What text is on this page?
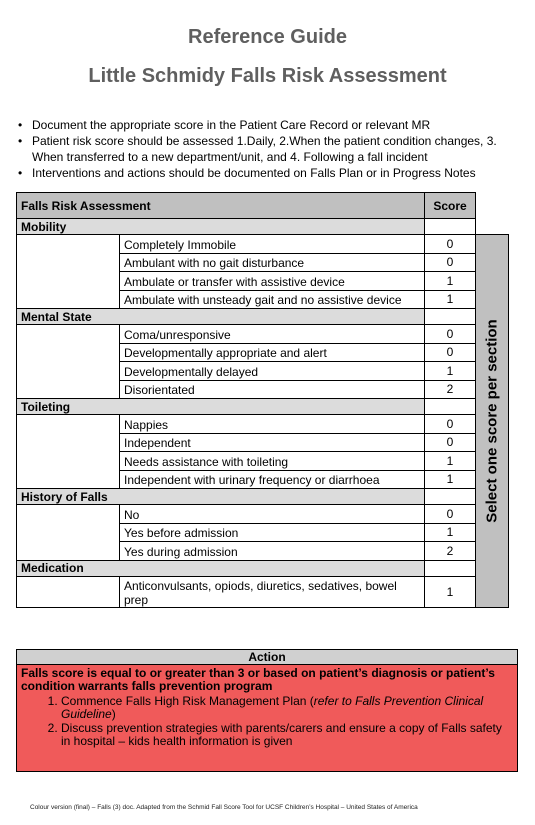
Reference Guide
Little Schmidy Falls Risk Assessment
• Document the appropriate score in the Patient Care Record or relevant MR
• Patient risk score should be assessed 1.Daily, 2.When the patient condition changes, 3. When transferred to a new department/unit, and 4. Following a fall incident
• Interventions and actions should be documented on Falls Plan or in Progress Notes
Falls Risk Assessment		Score	
Mobility			
	Completely Immobile	0	Select one score per section

	Ambulant with no gait disturbance	0	
	Ambulate or transfer with assistive device	1	
	Ambulate with unsteady gait and no assistive device	1	
Mental State			
	Coma/unresponsive	0	
	Developmentally appropriate and alert	0	
	Developmentally delayed	1	
	Disorientated	2	
Toileting			
	Nappies	0	
	Independent	0	
	Needs assistance with toileting	1	
	Independent with urinary frequency or diarrhoea	1	
History of Falls			
	No	0	
	Yes before admission	1	
	Yes during admission	2	
Medication			
	Anticonvulsants, opiods, diuretics, sedatives, bowel prep	1	
Action
Falls score is equal to or greater than 3 or based on patient’s diagnosis or patient’s condition warrants falls prevention program
1. Commence Falls High Risk Management Plan (refer to Falls Prevention Clinical Guideline)
2. Discuss prevention strategies with parents/carers and ensure a copy of Falls safety in hospital – kids health information is given
Colour version (final) – Falls (3) doc. Adapted from the Schmid Fall Score Tool for UCSF Children’s Hospital – United States of America
